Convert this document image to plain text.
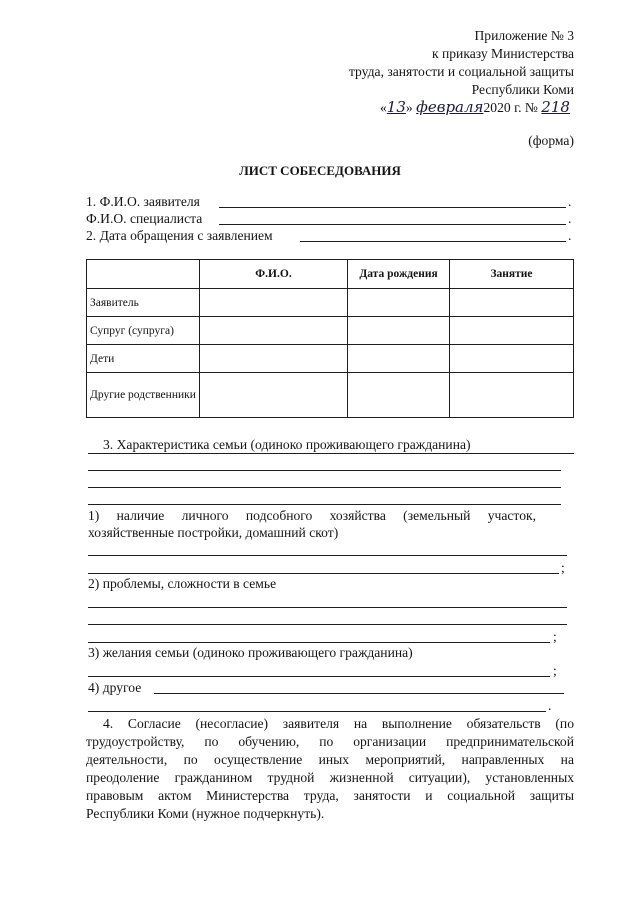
Приложение № 3
к приказу Министерства
труда, занятости и социальной защиты
Республики Коми
«13» февраля2020 г. № 218
(форма)
ЛИСТ СОБЕСЕДОВАНИЯ
1. Ф.И.О. заявителя	.
Ф.И.О. специалиста	.
2. Дата обращения с заявлением	.
	Ф.И.О.	Дата рождения	Занятие
Заявитель			
Супруг (супруга)			
Дети			
Другие родственники			
3. Характеристика семьи (одиноко проживающего гражданина)
1) наличие личного подсобного хозяйства (земельный участок,
хозяйственные постройки, домашний скот)
;
2) проблемы, сложности в семье
;
3) желания семьи (одиноко проживающего гражданина)
;
4) другое
.
4. Согласие (несогласие) заявителя на выполнение обязательств (по
трудоустройству, по обучению, по организации предпринимательской
деятельности, по осуществление иных мероприятий, направленных на
преодоление гражданином трудной жизненной ситуации), установленных
правовым актом Министерства труда, занятости и социальной защиты
Республики Коми (нужное подчеркнуть).
